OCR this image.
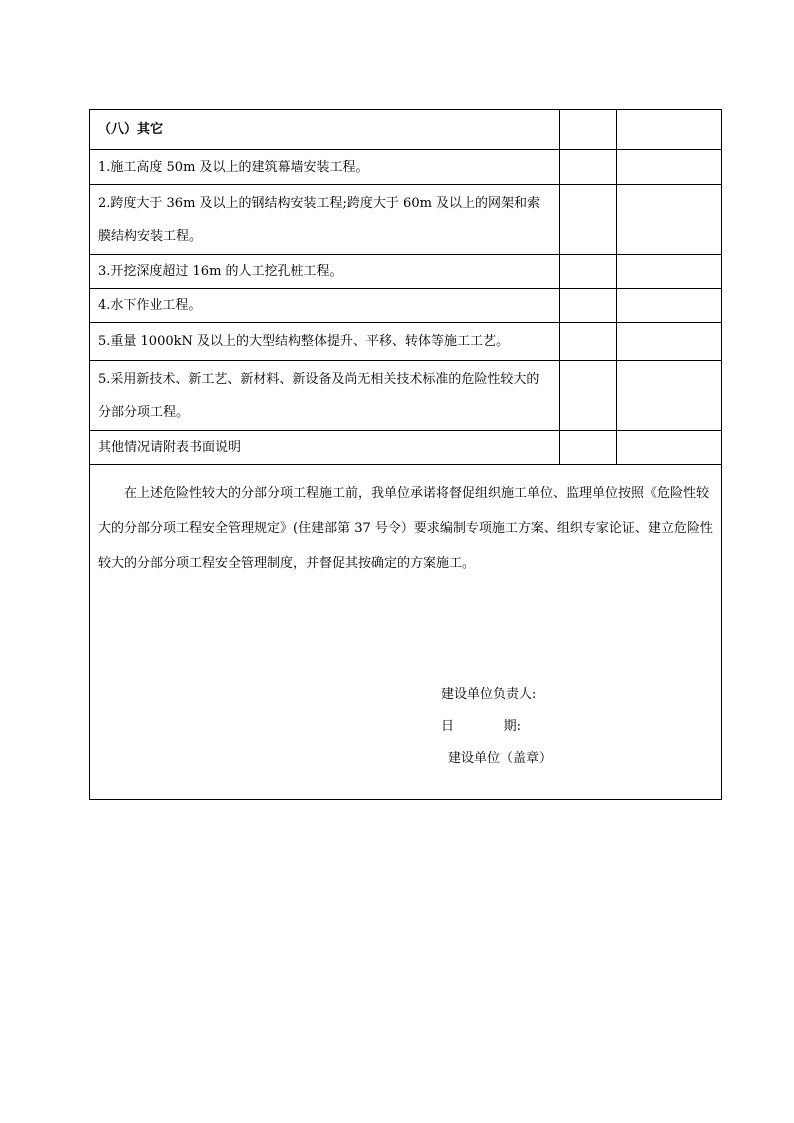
（八）其它		
1.施工高度 50m 及以上的建筑幕墙安装工程。		
2.跨度大于 36m 及以上的钢结构安装工程;跨度大于 60m 及以上的网架和索膜结构安装工程。		
3.开挖深度超过 16m 的人工挖孔桩工程。		
4.水下作业工程。		
5.重量 1000kN 及以上的大型结构整体提升、平移、转体等施工工艺。		
5.采用新技术、新工艺、新材料、新设备及尚无相关技术标准的危险性较大的分部分项工程。		
其他情况请附表书面说明		

在上述危险性较大的分部分项工程施工前，我单位承诺将督促组织施工单位、监理单位按照《危险性较大的分部分项工程安全管理规定》(住建部第 37 号令）要求编制专项施工方案、组织专家论证、建立危险性较大的分部分项工程安全管理制度，并督促其按确定的方案施工。
建设单位负责人:
日            期:
建设单位（盖章）		
